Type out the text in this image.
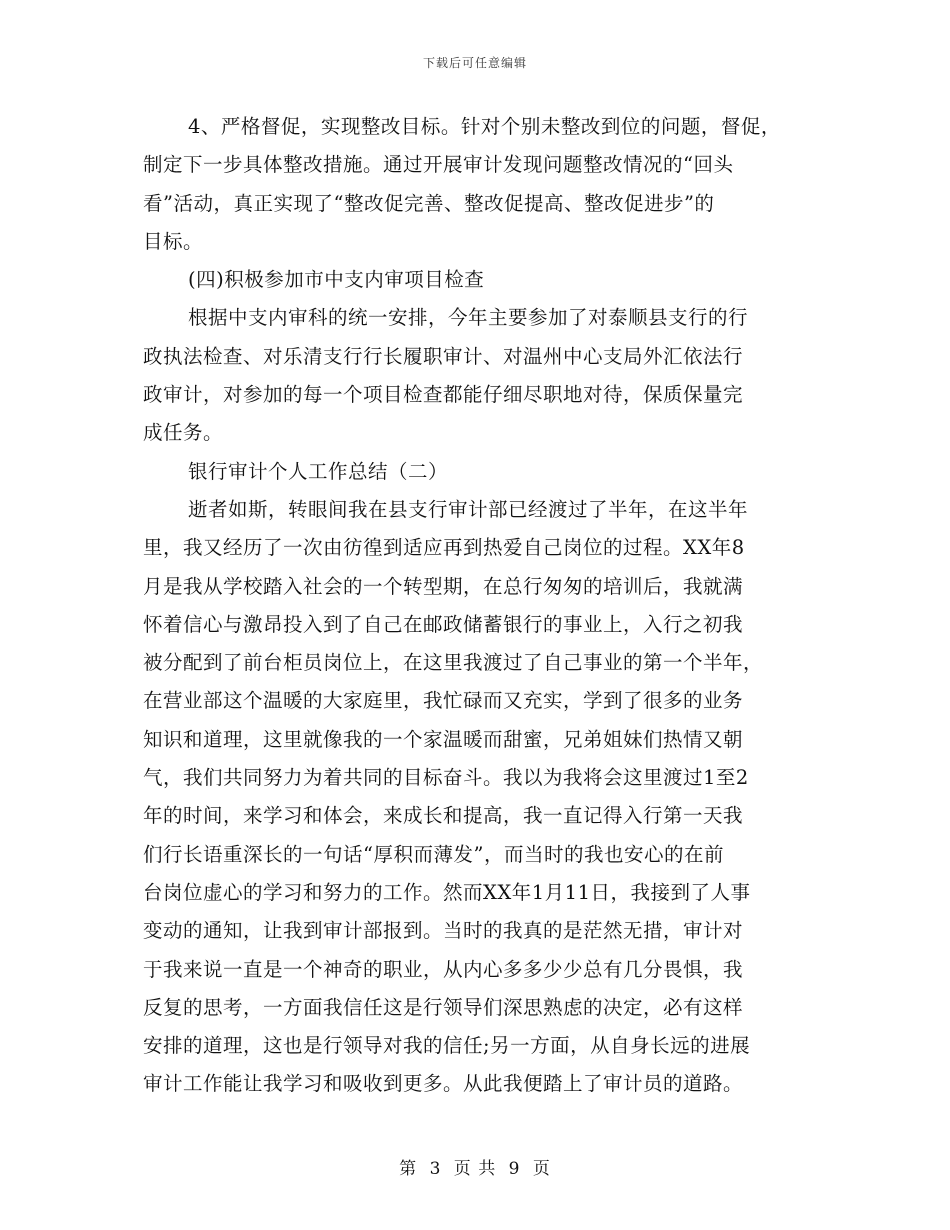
下载后可任意编辑
4、严格督促，实现整改目标。针对个别未整改到位的问题，督促，
制定下一步具体整改措施。通过开展审计发现问题整改情况的“回头
看”活动，真正实现了“整改促完善、整改促提高、整改促进步”的
目标。
(四)积极参加市中支内审项目检查
根据中支内审科的统一安排，今年主要参加了对泰顺县支行的行
政执法检查、对乐清支行行长履职审计、对温州中心支局外汇依法行
政审计，对参加的每一个项目检查都能仔细尽职地对待，保质保量完
成任务。
银行审计个人工作总结（二）
逝者如斯，转眼间我在县支行审计部已经渡过了半年，在这半年
里，我又经历了一次由彷徨到适应再到热爱自己岗位的过程。XX年8
月是我从学校踏入社会的一个转型期，在总行匆匆的培训后，我就满
怀着信心与激昂投入到了自己在邮政储蓄银行的事业上，入行之初我
被分配到了前台柜员岗位上，在这里我渡过了自己事业的第一个半年，
在营业部这个温暖的大家庭里，我忙碌而又充实，学到了很多的业务
知识和道理，这里就像我的一个家温暖而甜蜜，兄弟姐妹们热情又朝
气，我们共同努力为着共同的目标奋斗。我以为我将会这里渡过1至2
年的时间，来学习和体会，来成长和提高，我一直记得入行第一天我
们行长语重深长的一句话“厚积而薄发”，而当时的我也安心的在前
台岗位虚心的学习和努力的工作。然而XX年1月11日，我接到了人事
变动的通知，让我到审计部报到。当时的我真的是茫然无措，审计对
于我来说一直是一个神奇的职业，从内心多多少少总有几分畏惧，我
反复的思考，一方面我信任这是行领导们深思熟虑的决定，必有这样
安排的道理，这也是行领导对我的信任;另一方面，从自身长远的进展
审计工作能让我学习和吸收到更多。从此我便踏上了审计员的道路。
第 3 页 共 9 页
